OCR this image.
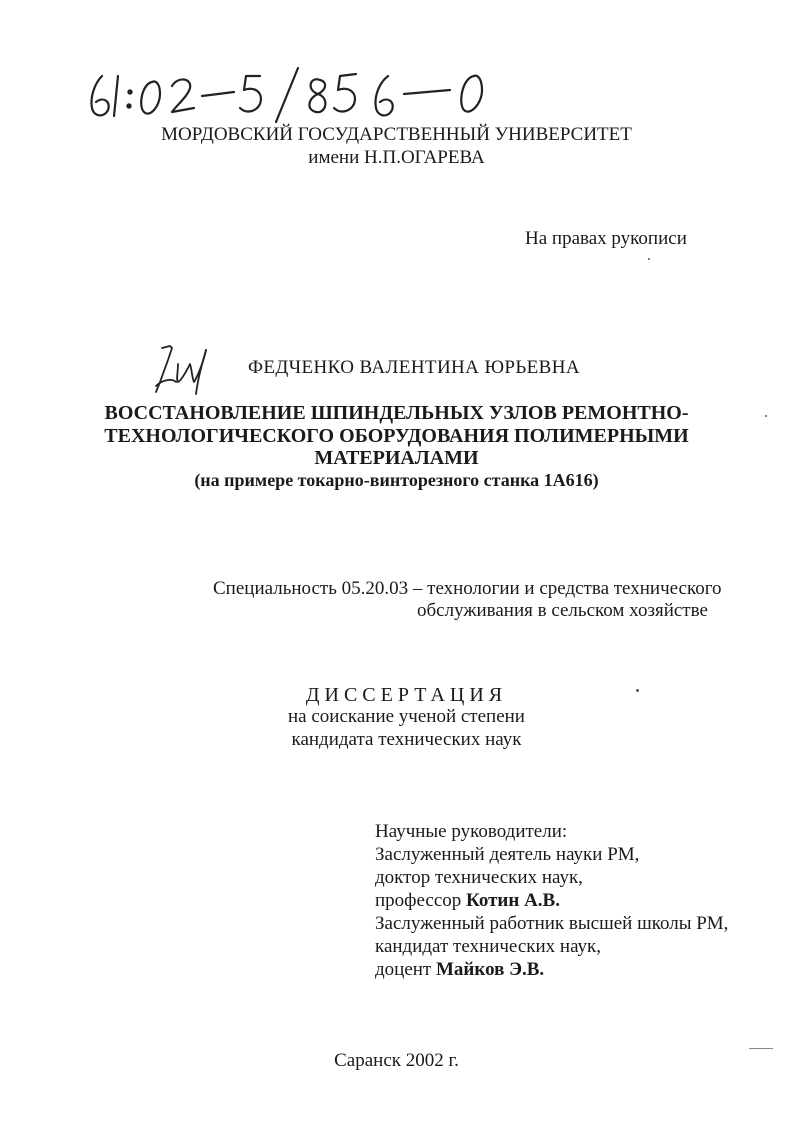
МОРДОВСКИЙ ГОСУДАРСТВЕННЫЙ УНИВЕРСИТЕТ
имени Н.П.ОГАРЕВА
На правах рукописи
ФЕДЧЕНКО ВАЛЕНТИНА ЮРЬЕВНА
ВОССТАНОВЛЕНИЕ ШПИНДЕЛЬНЫХ УЗЛОВ РЕМОНТНО-
ТЕХНОЛОГИЧЕСКОГО ОБОРУДОВАНИЯ ПОЛИМЕРНЫМИ
МАТЕРИАЛАМИ
(на примере токарно-винторезного станка 1А616)
Специальность 05.20.03 – технологии и средства технического
обслуживания в сельском хозяйстве
ДИССЕРТАЦИЯ
на соискание ученой степени
кандидата технических наук
Научные руководители:
Заслуженный деятель науки РМ,
доктор технических наук,
профессор Котин А.В.
Заслуженный работник высшей школы РМ,
кандидат технических наук,
доцент Майков Э.В.
Саранск 2002 г.
